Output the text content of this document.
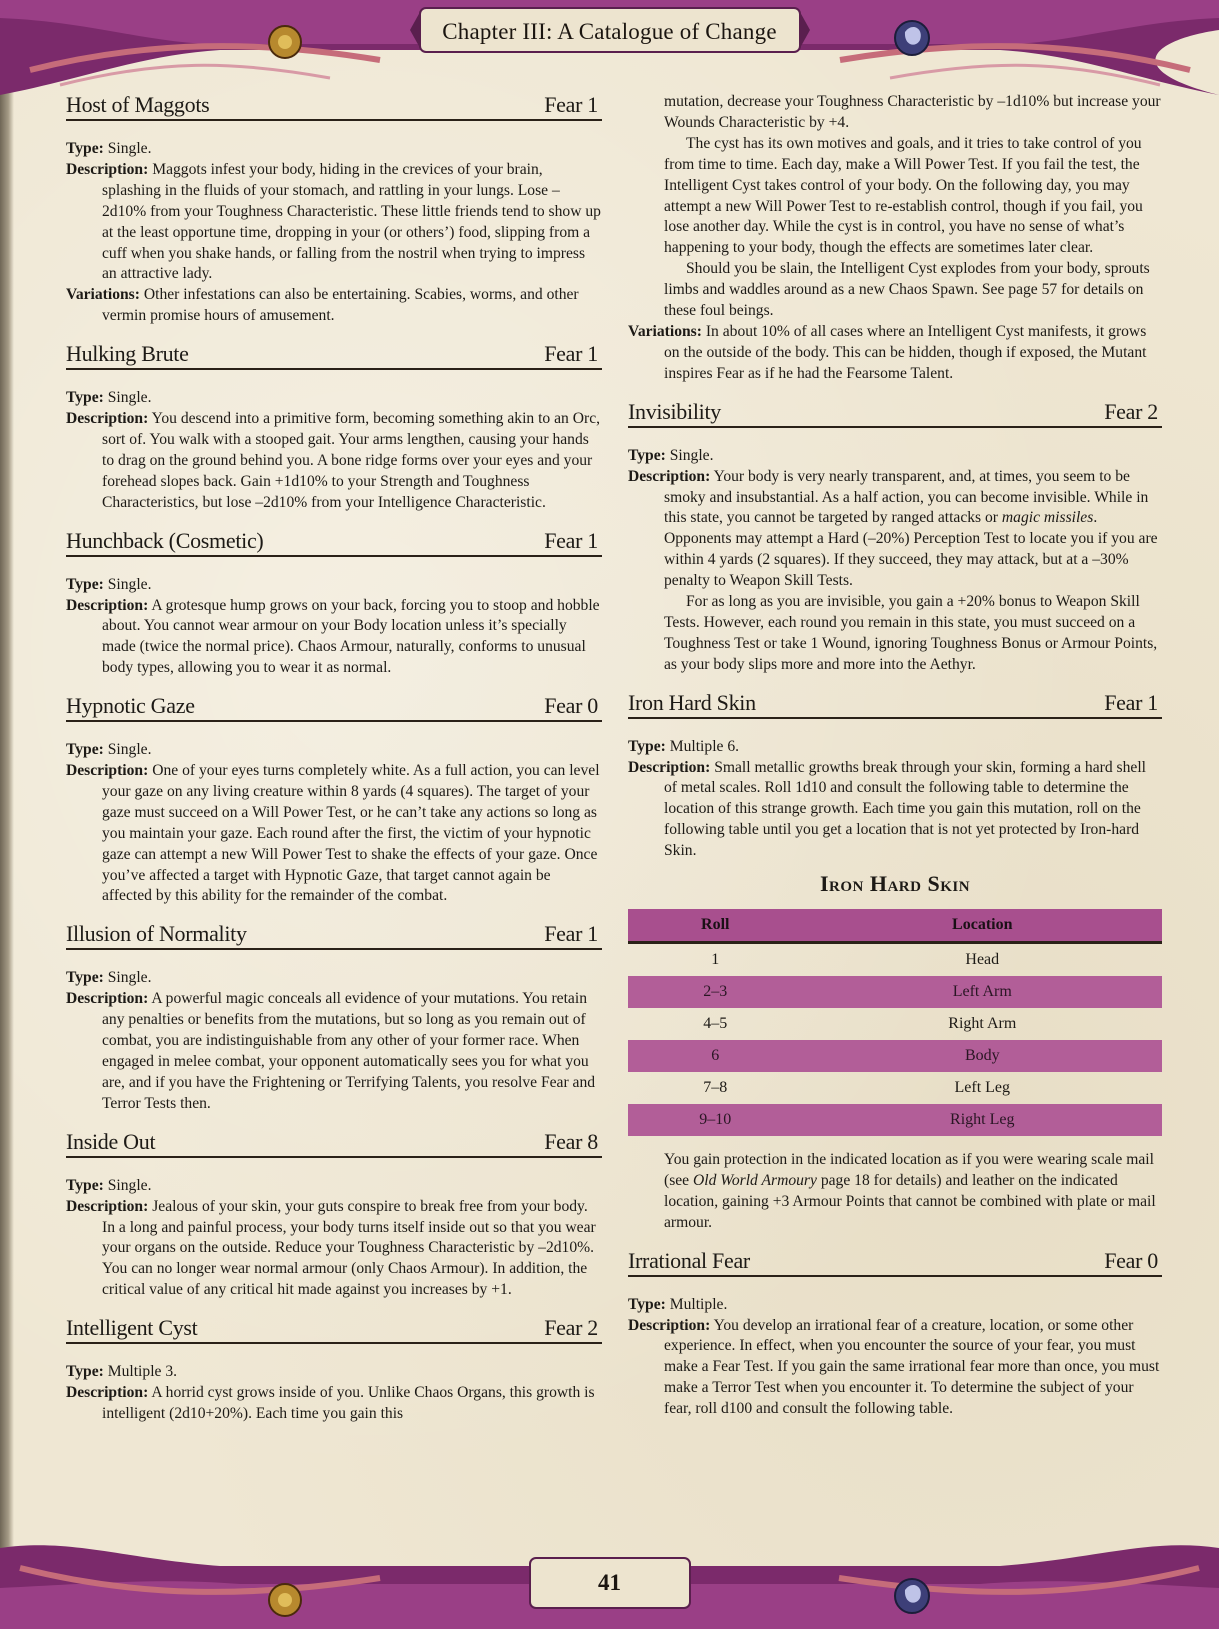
Chapter III: A Catalogue of Change
41
Host of Maggots	Fear 1

Type: Single.

Description: Maggots infest your body, hiding in the crevices of your brain, splashing in the fluids of your stomach, and rattling in your lungs. Lose –2d10% from your Toughness Characteristic. These little friends tend to show up at the least opportune time, dropping in your (or others’) food, slipping from a cuff when you shake hands, or falling from the nostril when trying to impress an attractive lady.

Variations: Other infestations can also be entertaining. Scabies, worms, and other vermin promise hours of amusement.

Hulking Brute	Fear 1

Type: Single.

Description: You descend into a primitive form, becoming something akin to an Orc, sort of. You walk with a stooped gait. Your arms lengthen, causing your hands to drag on the ground behind you. A bone ridge forms over your eyes and your forehead slopes back. Gain +1d10% to your Strength and Toughness Characteristics, but lose –2d10% from your Intelligence Characteristic.

Hunchback (Cosmetic)	Fear 1

Type: Single.

Description: A grotesque hump grows on your back, forcing you to stoop and hobble about. You cannot wear armour on your Body location unless it’s specially made (twice the normal price). Chaos Armour, naturally, conforms to unusual body types, allowing you to wear it as normal.

Hypnotic Gaze	Fear 0

Type: Single.

Description: One of your eyes turns completely white. As a full action, you can level your gaze on any living creature within 8 yards (4 squares). The target of your gaze must succeed on a Will Power Test, or he can’t take any actions so long as you maintain your gaze. Each round after the first, the victim of your hypnotic gaze can attempt a new Will Power Test to shake the effects of your gaze. Once you’ve affected a target with Hypnotic Gaze, that target cannot again be affected by this ability for the remainder of the combat.

Illusion of Normality	Fear 1

Type: Single.

Description: A powerful magic conceals all evidence of your mutations. You retain any penalties or benefits from the mutations, but so long as you remain out of combat, you are indistinguishable from any other of your former race. When engaged in melee combat, your opponent automatically sees you for what you are, and if you have the Frightening or Terrifying Talents, you resolve Fear and Terror Tests then.

Inside Out	Fear 8

Type: Single.

Description: Jealous of your skin, your guts conspire to break free from your body. In a long and painful process, your body turns itself inside out so that you wear your organs on the outside. Reduce your Toughness Characteristic by –2d10%. You can no longer wear normal armour (only Chaos Armour). In addition, the critical value of any critical hit made against you increases by +1.

Intelligent Cyst	Fear 2

Type: Multiple 3.

Description: A horrid cyst grows inside of you. Unlike Chaos Organs, this growth is intelligent (2d10+20%). Each time you gain this

mutation, decrease your Toughness Characteristic by –1d10% but increase your Wounds Characteristic by +4.

The cyst has its own motives and goals, and it tries to take control of you from time to time. Each day, make a Will Power Test. If you fail the test, the Intelligent Cyst takes control of your body. On the following day, you may attempt a new Will Power Test to re-establish control, though if you fail, you lose another day. While the cyst is in control, you have no sense of what’s happening to your body, though the effects are sometimes later clear.

Should you be slain, the Intelligent Cyst explodes from your body, sprouts limbs and waddles around as a new Chaos Spawn. See page 57 for details on these foul beings.

Variations: In about 10% of all cases where an Intelligent Cyst manifests, it grows on the outside of the body. This can be hidden, though if exposed, the Mutant inspires Fear as if he had the Fearsome Talent.

Invisibility	Fear 2

Type: Single.

Description: Your body is very nearly transparent, and, at times, you seem to be smoky and insubstantial. As a half action, you can become invisible. While in this state, you cannot be targeted by ranged attacks or magic missiles. Opponents may attempt a Hard (–20%) Perception Test to locate you if you are within 4 yards (2 squares). If they succeed, they may attack, but at a –30% penalty to Weapon Skill Tests.

For as long as you are invisible, you gain a +20% bonus to Weapon Skill Tests. However, each round you remain in this state, you must succeed on a Toughness Test or take 1 Wound, ignoring Toughness Bonus or Armour Points, as your body slips more and more into the Aethyr.

Iron Hard Skin	Fear 1

Type: Multiple 6.

Description: Small metallic growths break through your skin, forming a hard shell of metal scales. Roll 1d10 and consult the following table to determine the location of this strange growth. Each time you gain this mutation, roll on the following table until you get a location that is not yet protected by Iron-hard Skin.

Iron Hard Skin
Roll	Location
1	Head
2–3	Left Arm
4–5	Right Arm
6	Body
7–8	Left Leg
9–10	Right Leg

You gain protection in the indicated location as if you were wearing scale mail (see Old World Armoury page 18 for details) and leather on the indicated location, gaining +3 Armour Points that cannot be combined with plate or mail armour.

Irrational Fear	Fear 0

Type: Multiple.

Description: You develop an irrational fear of a creature, location, or some other experience. In effect, when you encounter the source of your fear, you must make a Fear Test. If you gain the same irrational fear more than once, you must make a Terror Test when you encounter it. To determine the subject of your fear, roll d100 and consult the following table.
